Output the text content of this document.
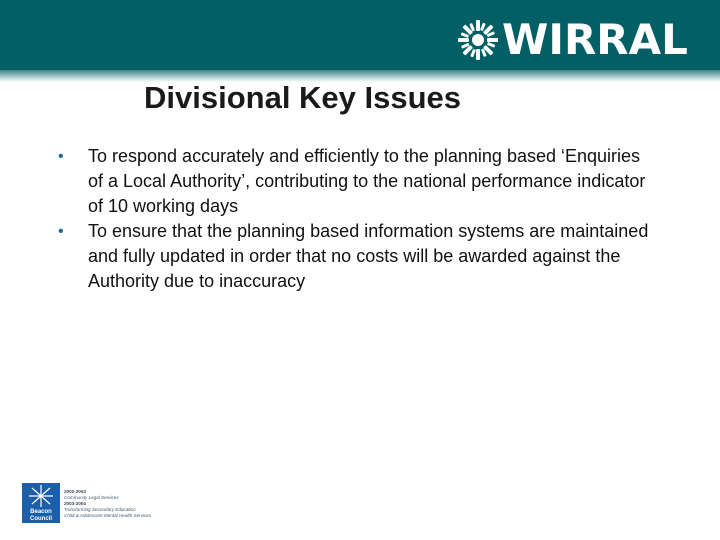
WIRRAL
Divisional Key Issues
• To respond accurately and efficiently to the planning based ‘Enquiries of a Local Authority’, contributing to the national performance indicator of 10 working days
• To ensure that the planning based information systems are maintained and fully updated in order that no costs will be awarded against the Authority due to inaccuracy
Beacon
Council
2002-2003
Community Legal Services
2003-2004
Transforming Secondary Education
Child & Adolescent Mental Health Services
